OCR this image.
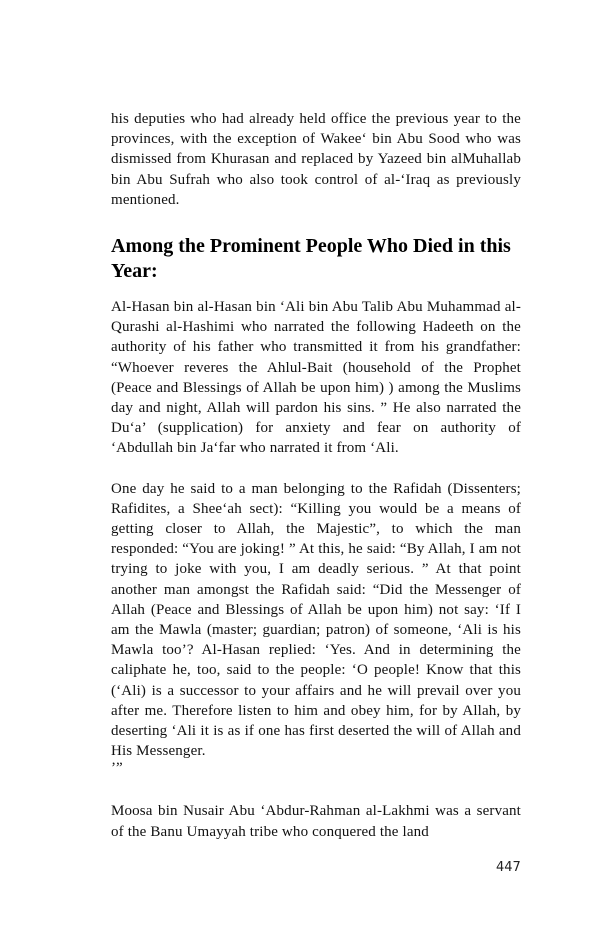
his deputies who had already held office the previous year to the provinces, with the exception of Wakee‘ bin Abu Sood who was dismissed from Khurasan and replaced by Yazeed bin alMuhallab bin Abu Sufrah who also took control of al-‘Iraq as previously mentioned.

Among the Prominent People Who Died in this Year:

Al-Hasan bin al-Hasan bin ‘Ali bin Abu Talib Abu Muhammad al-Qurashi al-Hashimi who narrated the following Hadeeth on the authority of his father who transmitted it from his grandfather: “Whoever reveres the Ahlul-Bait (household of the Prophet (Peace and Blessings of Allah be upon him) ) among the Muslims day and night, Allah will pardon his sins. ” He also narrated the Du‘a’ (supplication) for anxiety and fear on authority of ‘Abdullah bin Ja‘far who narrated it from ‘Ali.

One day he said to a man belonging to the Rafidah (Dissenters; Rafidites, a Shee‘ah sect): “Killing you would be a means of getting closer to Allah, the Majestic”, to which the man responded: “You are joking! ” At this, he said: “By Allah, I am not trying to joke with you, I am deadly serious. ” At that point another man amongst the Rafidah said: “Did the Messenger of Allah (Peace and Blessings of Allah be upon him) not say: ‘If I am the Mawla (master; guardian; patron) of someone, ‘Ali is his Mawla too’? Al-Hasan replied: ‘Yes. And in determining the caliphate he, too, said to the people: ‘O people! Know that this (‘Ali) is a successor to your affairs and he will prevail over you after me. Therefore listen to him and obey him, for by Allah, by deserting ‘Ali it is as if one has first deserted the will of Allah and His Messenger.

’”

Moosa bin Nusair Abu ‘Abdur-Rahman al-Lakhmi was a servant of the Banu Umayyah tribe who conquered the land

447
